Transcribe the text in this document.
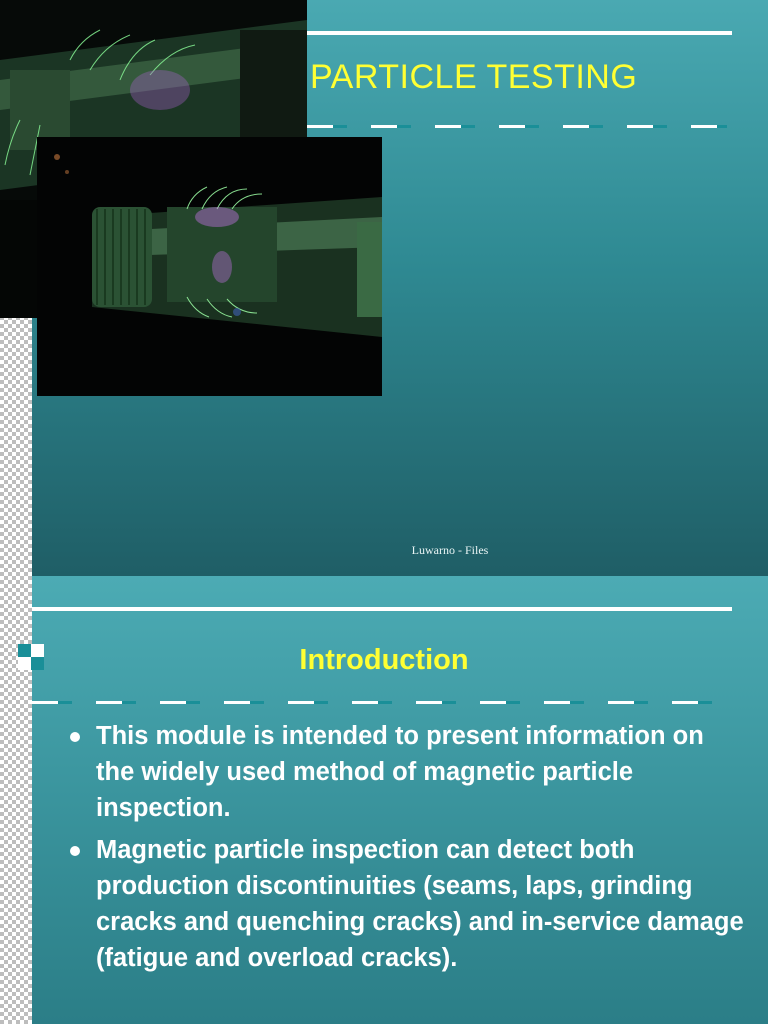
PARTICLE TESTING
Luwarno - Files
Introduction
This module is intended to present information on the widely used method of magnetic particle inspection.
Magnetic particle inspection can detect both production discontinuities (seams, laps, grinding cracks and quenching cracks) and in-service damage (fatigue and overload cracks).
